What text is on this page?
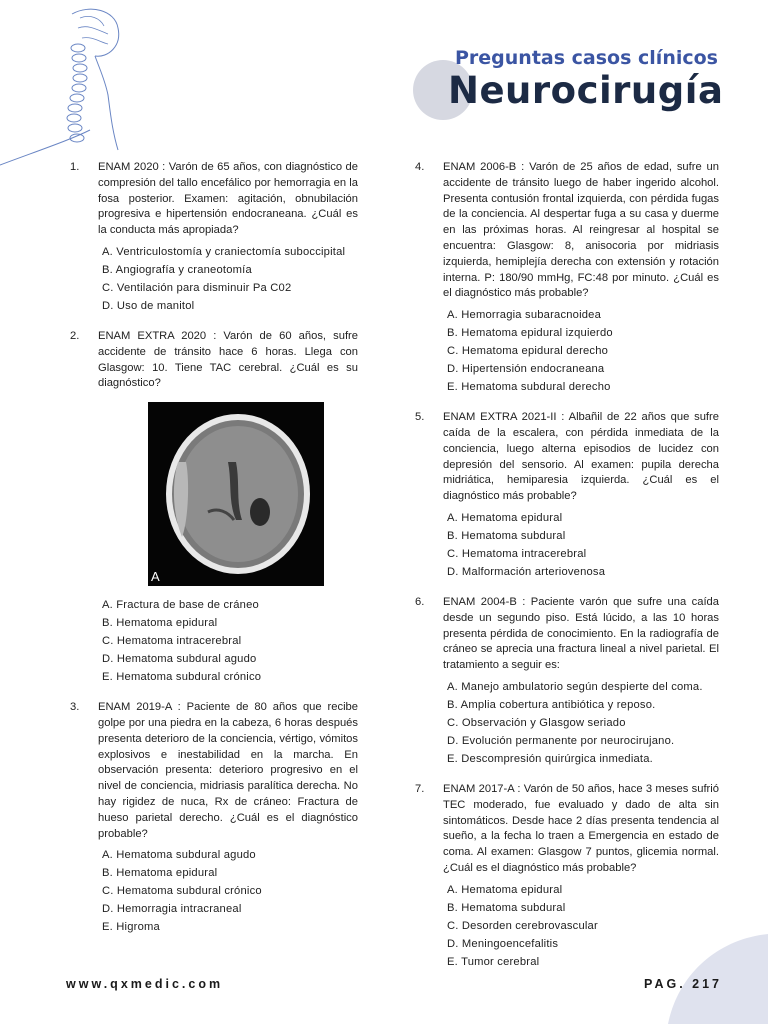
Preguntas casos clínicos
Neurocirugía
1. ENAM 2020 : Varón de 65 años, con diagnóstico de compresión del tallo encefálico por hemorragia en la fosa posterior. Examen: agitación, obnubilación progresiva e hipertensión endocraneana. ¿Cuál es la conducta más apropiada?

A. Ventriculostomía y craniectomía suboccipital
B. Angiografía y craneotomía
C. Ventilación para disminuir Pa C02
D. Uso de manitol
2. ENAM EXTRA 2020 : Varón de 60 años, sufre accidente de tránsito hace 6 horas. Llega con Glasgow: 10. Tiene TAC cerebral. ¿Cuál es su diagnóstico?

A
A. Fractura de base de cráneo
B. Hematoma epidural
C. Hematoma intracerebral
D. Hematoma subdural agudo
E. Hematoma subdural crónico
3. ENAM 2019-A : Paciente de 80 años que recibe golpe por una piedra en la cabeza, 6 horas después presenta deterioro de la conciencia, vértigo, vómitos explosivos e inestabilidad en la marcha. En observación presenta: deterioro progresivo en el nivel de conciencia, midriasis paralítica derecha. No hay rigidez de nuca, Rx de cráneo: Fractura de hueso parietal derecho. ¿Cuál es el diagnóstico probable?

A. Hematoma subdural agudo
B. Hematoma epidural
C. Hematoma subdural crónico
D. Hemorragia intracraneal
E. Higroma
4. ENAM 2006-B : Varón de 25 años de edad, sufre un accidente de tránsito luego de haber ingerido alcohol. Presenta contusión frontal izquierda, con pérdida fugas de la conciencia. Al despertar fuga a su casa y duerme en las próximas horas. Al reingresar al hospital se encuentra: Glasgow: 8, anisocoria por midriasis izquierda, hemiplejía derecha con extensión y rotación interna. P: 180/90 mmHg, FC:48 por minuto. ¿Cuál es el diagnóstico más probable?

A. Hemorragia subaracnoidea
B. Hematoma epidural izquierdo
C. Hematoma epidural derecho
D. Hipertensión endocraneana
E. Hematoma subdural derecho
5. ENAM EXTRA 2021-II : Albañil de 22 años que sufre caída de la escalera, con pérdida inmediata de la conciencia, luego alterna episodios de lucidez con depresión del sensorio. Al examen: pupila derecha midriática, hemiparesia izquierda. ¿Cuál es el diagnóstico más probable?

A. Hematoma epidural
B. Hematoma subdural
C. Hematoma intracerebral
D. Malformación arteriovenosa
6. ENAM 2004-B : Paciente varón que sufre una caída desde un segundo piso. Está lúcido, a las 10 horas presenta pérdida de conocimiento. En la radiografía de cráneo se aprecia una fractura lineal a nivel parietal. El tratamiento a seguir es:

A. Manejo ambulatorio según despierte del coma.
B. Amplia cobertura antibiótica y reposo.
C. Observación y Glasgow seriado
D. Evolución permanente por neurocirujano.
E. Descompresión quirúrgica inmediata.
7. ENAM 2017-A : Varón de 50 años, hace 3 meses sufrió TEC moderado, fue evaluado y dado de alta sin sintomáticos. Desde hace 2 días presenta tendencia al sueño, a la fecha lo traen a Emergencia en estado de coma. Al examen: Glasgow 7 puntos, glicemia normal. ¿Cuál es el diagnóstico más probable?

A. Hematoma epidural
B. Hematoma subdural
C. Desorden cerebrovascular
D. Meningoencefalitis
E. Tumor cerebral
www.qxmedic.com	PAG. 217
